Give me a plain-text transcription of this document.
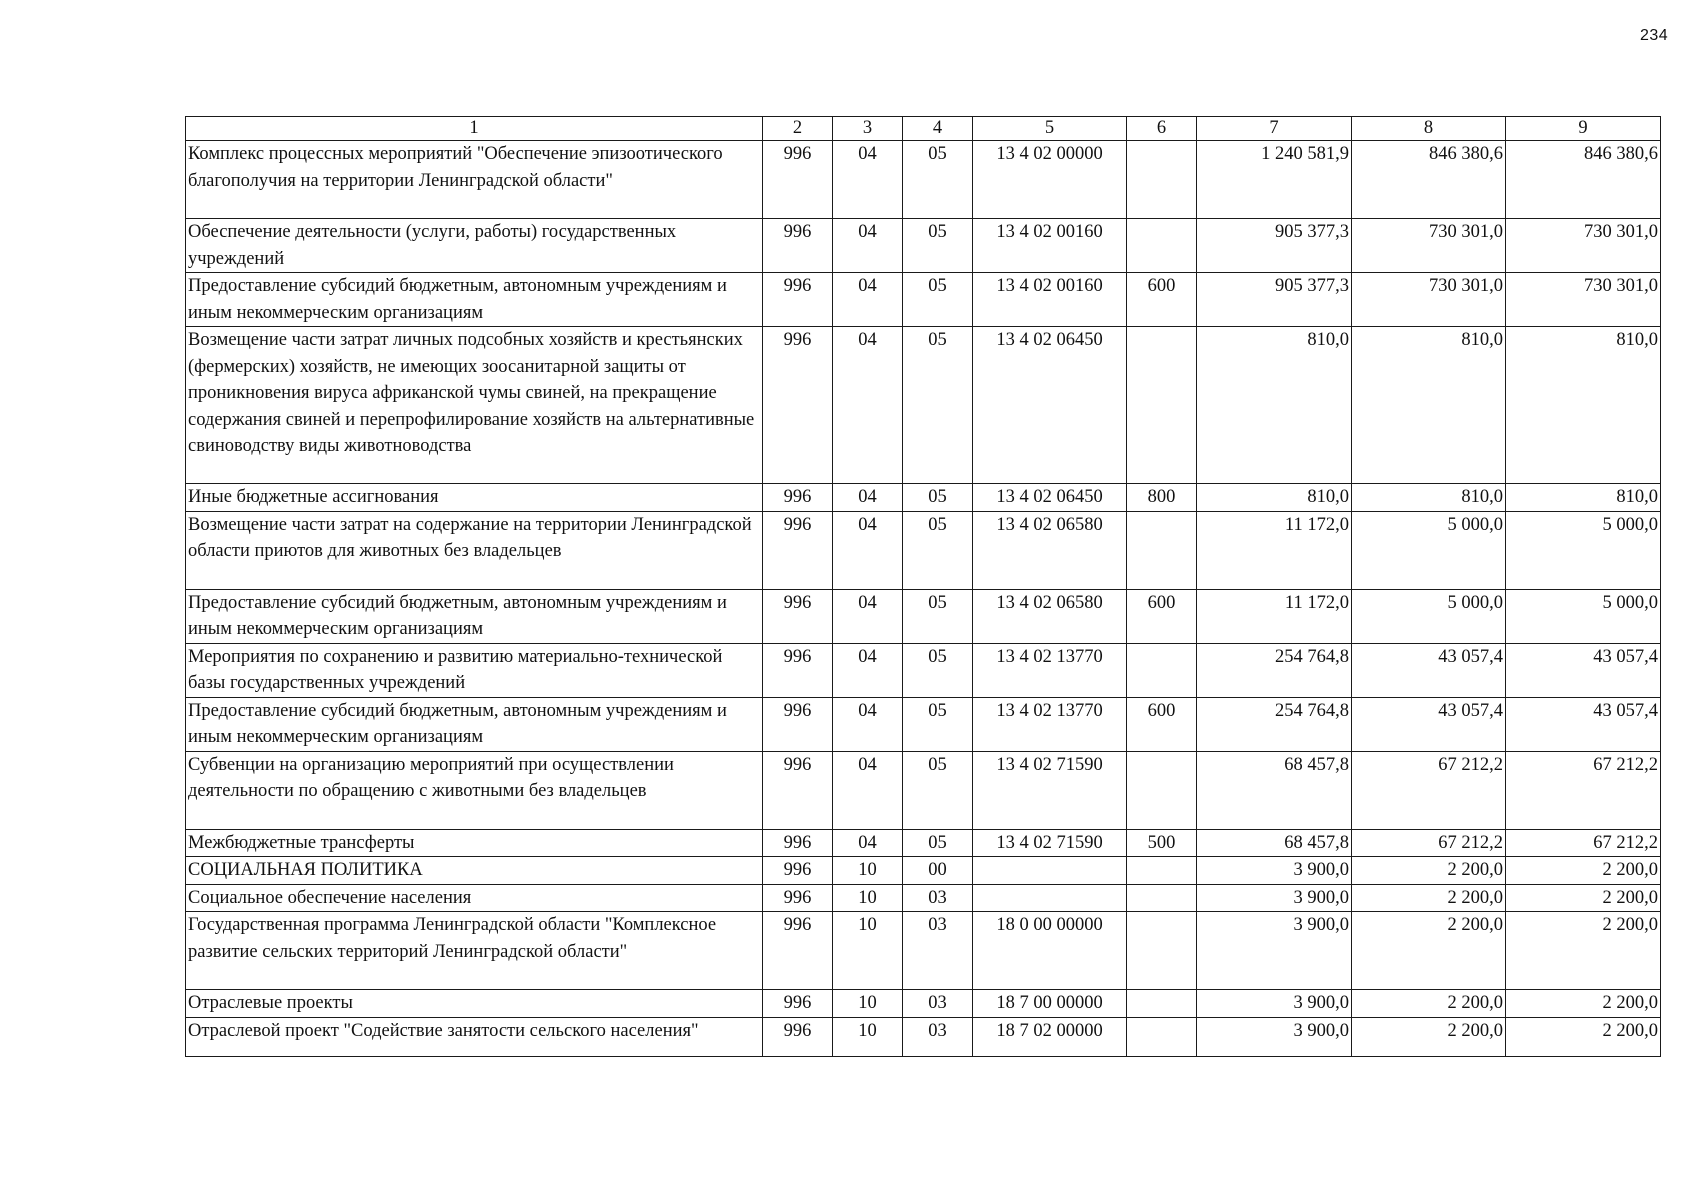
234
1	2	3	4	5	6	7	8	9
Комплекс процессных мероприятий "Обеспечение эпизоотического благополучия на территории Ленинградской области"	996	04	05	13 4 02 00000		1 240 581,9	846 380,6	846 380,6
Обеспечение деятельности (услуги, работы) государственных учреждений	996	04	05	13 4 02 00160		905 377,3	730 301,0	730 301,0
Предоставление субсидий бюджетным, автономным учреждениям и иным некоммерческим организациям	996	04	05	13 4 02 00160	600	905 377,3	730 301,0	730 301,0
Возмещение части затрат личных подсобных хозяйств и крестьянских (фермерских) хозяйств, не имеющих зоосанитарной защиты от проникновения вируса африканской чумы свиней, на прекращение содержания свиней и перепрофилирование хозяйств на альтернативные свиноводству виды животноводства	996	04	05	13 4 02 06450		810,0	810,0	810,0
Иные бюджетные ассигнования	996	04	05	13 4 02 06450	800	810,0	810,0	810,0
Возмещение части затрат на содержание на территории Ленинградской области приютов для животных без владельцев	996	04	05	13 4 02 06580		11 172,0	5 000,0	5 000,0
Предоставление субсидий бюджетным, автономным учреждениям и иным некоммерческим организациям	996	04	05	13 4 02 06580	600	11 172,0	5 000,0	5 000,0
Мероприятия по сохранению и развитию материально-технической базы государственных учреждений	996	04	05	13 4 02 13770		254 764,8	43 057,4	43 057,4
Предоставление субсидий бюджетным, автономным учреждениям и иным некоммерческим организациям	996	04	05	13 4 02 13770	600	254 764,8	43 057,4	43 057,4
Субвенции на организацию мероприятий при осуществлении деятельности по обращению с животными без владельцев	996	04	05	13 4 02 71590		68 457,8	67 212,2	67 212,2
Межбюджетные трансферты	996	04	05	13 4 02 71590	500	68 457,8	67 212,2	67 212,2
СОЦИАЛЬНАЯ ПОЛИТИКА	996	10	00			3 900,0	2 200,0	2 200,0
Социальное обеспечение населения	996	10	03			3 900,0	2 200,0	2 200,0
Государственная программа Ленинградской области "Комплексное развитие сельских территорий Ленинградской области"	996	10	03	18 0 00 00000		3 900,0	2 200,0	2 200,0
Отраслевые проекты	996	10	03	18 7 00 00000		3 900,0	2 200,0	2 200,0
Отраслевой проект "Содействие занятости сельского населения"	996	10	03	18 7 02 00000		3 900,0	2 200,0	2 200,0
